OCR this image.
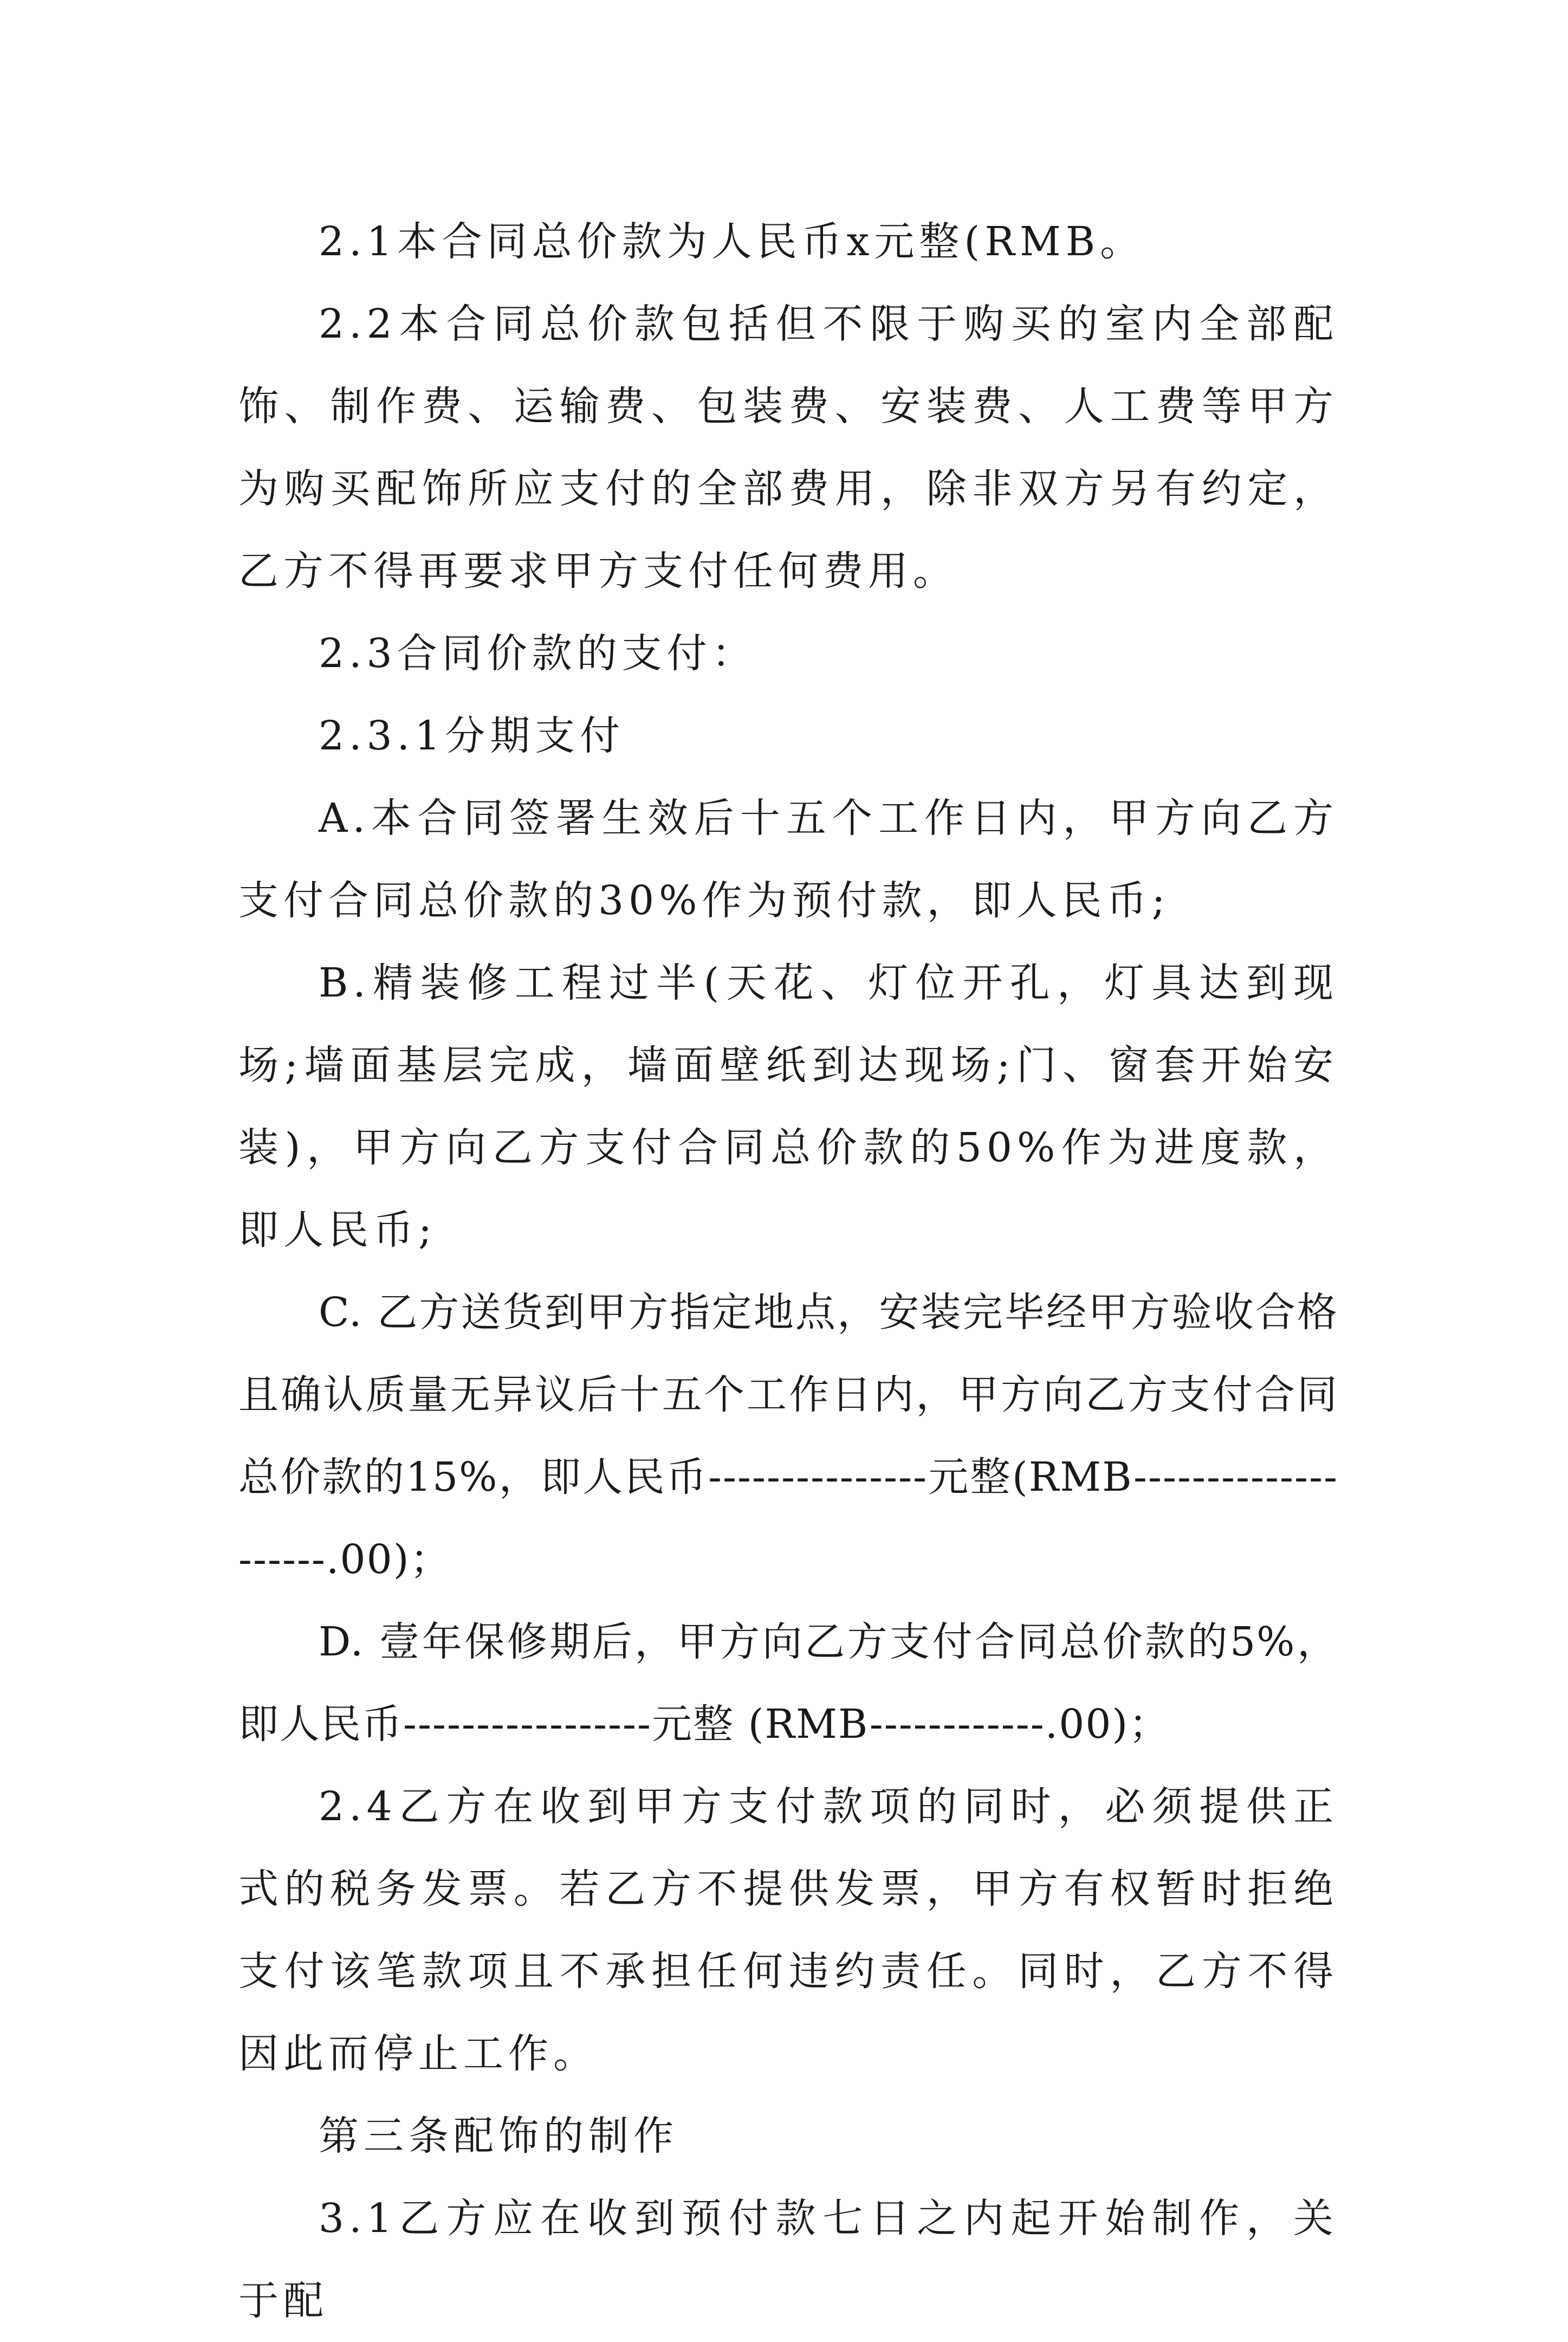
2.1本合同总价款为人民币x元整(RMB。

2.2本合同总价款包括但不限于购买的室内全部配饰、制作费、运输费、包装费、安装费、人工费等甲方为购买配饰所应支付的全部费用，除非双方另有约定，乙方不得再要求甲方支付任何费用。

2.3合同价款的支付：

2.3.1分期支付

A.本合同签署生效后十五个工作日内，甲方向乙方支付合同总价款的30%作为预付款，即人民币;

B.精装修工程过半(天花、灯位开孔，灯具达到现场;墙面基层完成，墙面壁纸到达现场;门、窗套开始安装)，甲方向乙方支付合同总价款的50%作为进度款，即人民币;

C. 乙方送货到甲方指定地点，安装完毕经甲方验收合格且确认质量无异议后十五个工作日内，甲方向乙方支付合同总价款的15%，即人民币---------------元整(RMB--------------------.00)；

D. 壹年保修期后，甲方向乙方支付合同总价款的5%，即人民币-----------------元整 (RMB------------.00)；

2.4乙方在收到甲方支付款项的同时，必须提供正式的税务发票。若乙方不提供发票，甲方有权暂时拒绝支付该笔款项且不承担任何违约责任。同时，乙方不得因此而停止工作。

第三条配饰的制作

3.1乙方应在收到预付款七日之内起开始制作，关于配
